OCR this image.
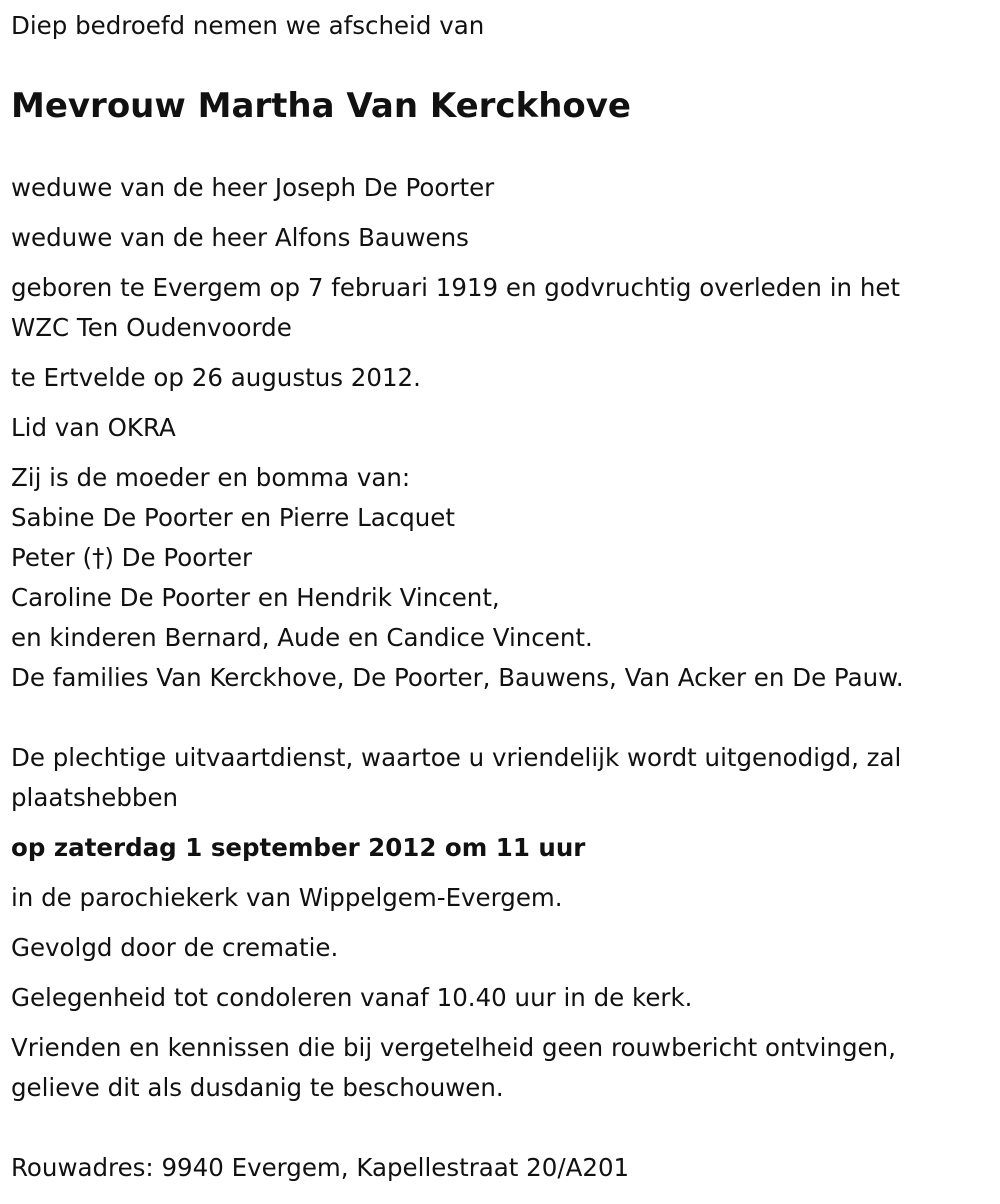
Diep bedroefd nemen we afscheid van

Mevrouw Martha Van Kerckhove

weduwe van de heer Joseph De Poorter

weduwe van de heer Alfons Bauwens

geboren te Evergem op 7 februari 1919 en godvruchtig overleden in het

WZC Ten Oudenvoorde

te Ertvelde op 26 augustus 2012.

Lid van OKRA

Zij is de moeder en bomma van:

Sabine De Poorter en Pierre Lacquet

Peter (†) De Poorter

Caroline De Poorter en Hendrik Vincent,

en kinderen Bernard, Aude en Candice Vincent.

De families Van Kerckhove, De Poorter, Bauwens, Van Acker en De Pauw.

De plechtige uitvaartdienst, waartoe u vriendelijk wordt uitgenodigd, zal

plaatshebben

op zaterdag 1 september 2012 om 11 uur

in de parochiekerk van Wippelgem-Evergem.

Gevolgd door de crematie.

Gelegenheid tot condoleren vanaf 10.40 uur in de kerk.

Vrienden en kennissen die bij vergetelheid geen rouwbericht ontvingen,

gelieve dit als dusdanig te beschouwen.

Rouwadres: 9940 Evergem, Kapellestraat 20/A201
